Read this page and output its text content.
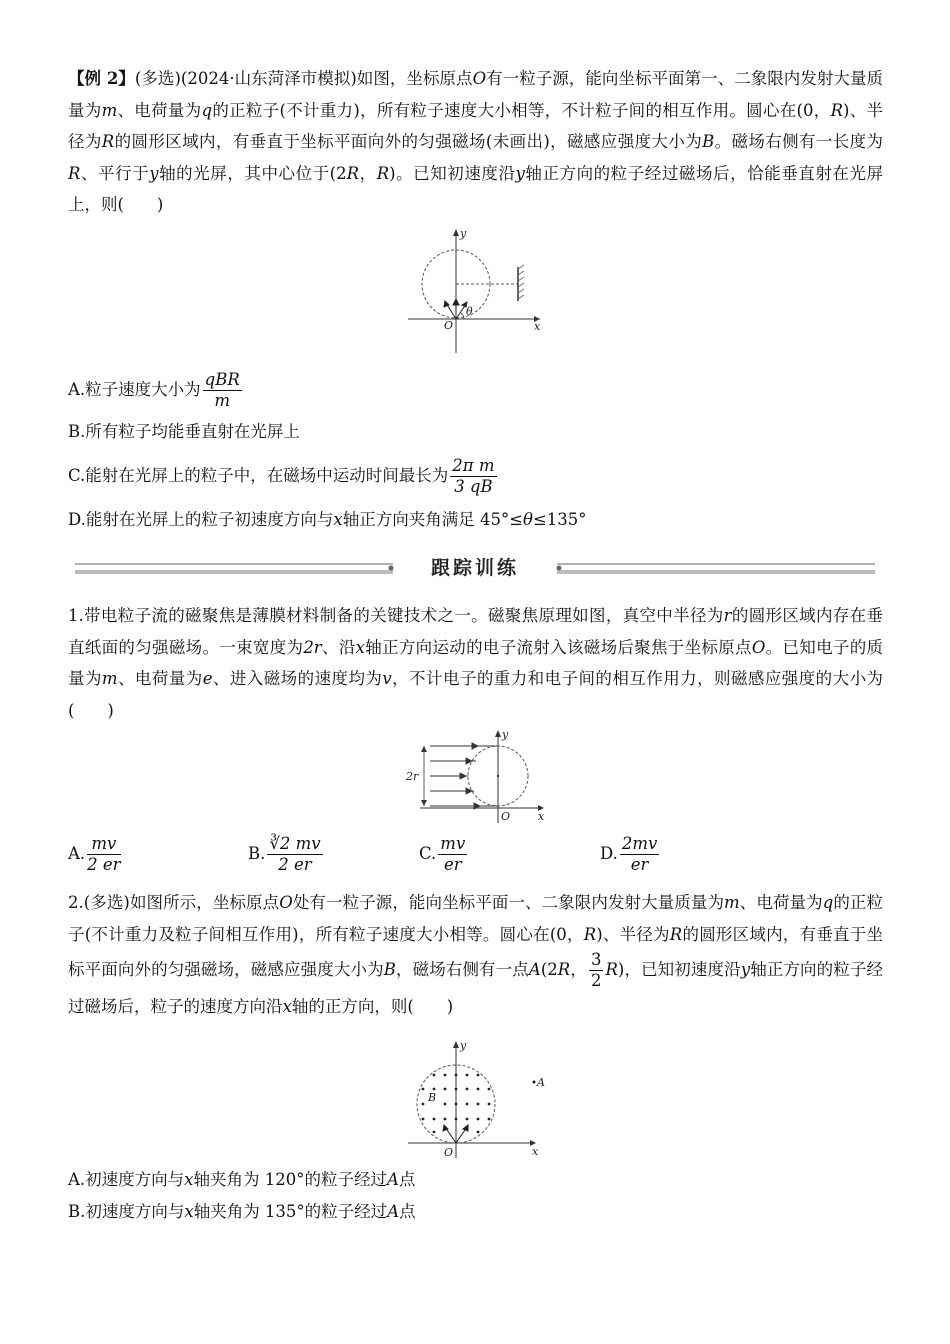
【例 2】(多选)(2024·山东菏泽市模拟)如图，坐标原点O有一粒子源，能向坐标平面第一、二象限内发射大量质量为m、电荷量为q的正粒子(不计重力)，所有粒子速度大小相等，不计粒子间的相互作用。圆心在(0，R)、半径为R的圆形区域内，有垂直于坐标平面向外的匀强磁场(未画出)，磁感应强度大小为B。磁场右侧有一长度为R、平行于y轴的光屏，其中心位于(2R，R)。已知初速度沿y轴正方向的粒子经过磁场后，恰能垂直射在光屏上，则(　　)

y
x
O
θ
A.粒子速度大小为 $\frac{\text{qBR}}{m}$
B.所有粒子均能垂直射在光屏上
C.能射在光屏上的粒子中，在磁场中运动时间最长为 $\frac{\text{2π m}}{3 qB}$
D.能射在光屏上的粒子初速度方向与x轴正方向夹角满足 45°≤θ≤135°
跟踪训练

1.带电粒子流的磁聚焦是薄膜材料制备的关键技术之一。磁聚焦原理如图，真空中半径为r的圆形区域内存在垂直纸面的匀强磁场。一束宽度为2r、沿x轴正方向运动的电子流射入该磁场后聚焦于坐标原点O。已知电子的质量为m、电荷量为e、进入磁场的速度均为v，不计电子的重力和电子间的相互作用力，则磁感应强度的大小为(　　)

2r
y
x
O
A. $\frac{mv}{2 er}$	B. $\frac{∛2 mv}{2 er}$	C. $\frac{mv}{er}$	D. $\frac{2mv}{er}$

2.(多选)如图所示，坐标原点O处有一粒子源，能向坐标平面一、二象限内发射大量质量为m、电荷量为q的正粒子(不计重力及粒子间相互作用)，所有粒子速度大小相等。圆心在(0，R)、半径为R的圆形区域内，有垂直于坐标平面向外的匀强磁场，磁感应强度大小为B，磁场右侧有一点A(2R， $\frac{3}{2} R$)，已知初速度沿y轴正方向的粒子经过磁场后，粒子的速度方向沿x轴的正方向，则(　　)

A
B
y
x
O
A.初速度方向与x轴夹角为 120°的粒子经过A点
B.初速度方向与x轴夹角为 135°的粒子经过A点
